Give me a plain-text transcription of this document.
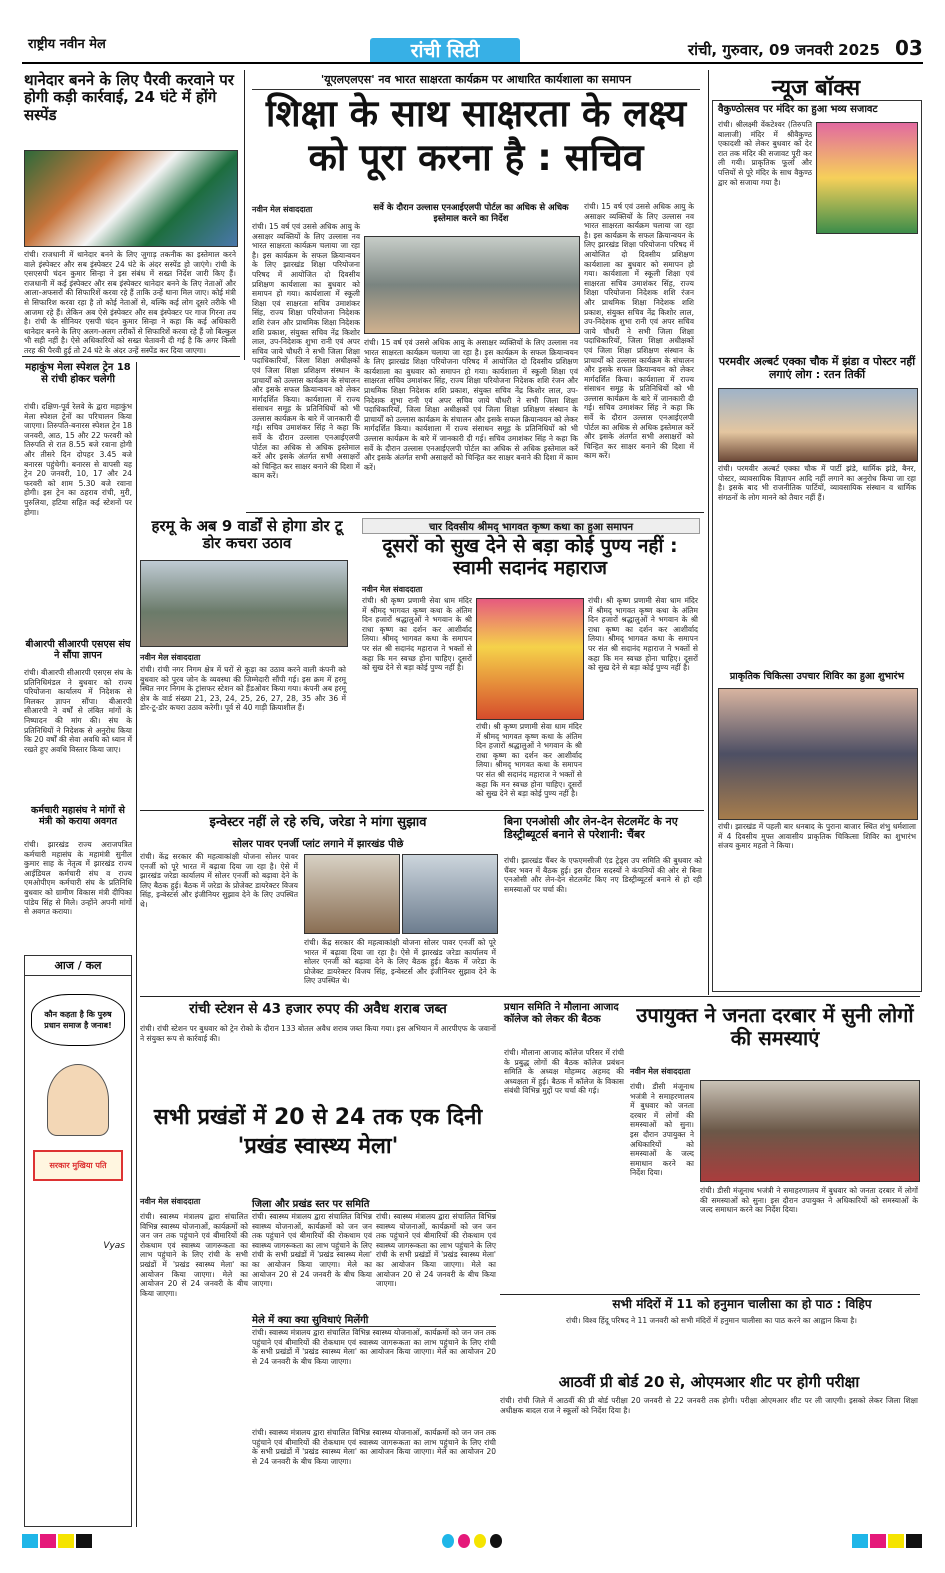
राष्ट्रीय नवीन मेल	रांची सिटी	रांची, गुरुवार, 09 जनवरी 2025 03
थानेदार बनने के लिए पैरवी करवाने पर होगी कड़ी कार्रवाई, 24 घंटे में होंगे सस्पेंड
रांची। राजधानी में थानेदार बनने के लिए जुगाड़ तकनीक का इस्तेमाल करने वाले इंस्पेक्टर और सब इंस्पेक्टर 24 घंटे के अंदर सस्पेंड हो जाएंगे। रांची के एसएसपी चंदन कुमार सिन्हा ने इस संबंध में सख्त निर्देश जारी किए हैं। राजधानी में कई इंस्पेक्टर और सब इंस्पेक्टर थानेदार बनने के लिए नेताओं और आला-अफसरों की सिफारिशें करवा रहे हैं ताकि उन्हें थाना मिल जाए। कोई मंत्री से सिफारिश करवा रहा है तो कोई नेताओं से, बल्कि कई लोग दूसरे तरीके भी आजमा रहे हैं। लेकिन अब ऐसे इंस्पेक्टर और सब इंस्पेक्टर पर गाज गिरना तय है। रांची के सीनियर एसपी चंदन कुमार सिन्हा ने कहा कि कई अधिकारी थानेदार बनने के लिए अलग-अलग तरीकों से सिफारिशें करवा रहे हैं जो बिल्कुल भी सही नहीं है। ऐसे अधिकारियों को सख्त चेतावनी दी गई है कि अगर किसी तरह की पैरवी हुई तो 24 घंटे के अंदर उन्हें सस्पेंड कर दिया जाएगा।
महाकुंभ मेला स्पेशल ट्रेन 18 से रांची होकर चलेगी
रांची। दक्षिण-पूर्व रेलवे के द्वारा महाकुंभ मेला स्पेशल ट्रेनों का परिचालन किया जाएगा। तिरुपति-बनारस स्पेशल ट्रेन 18 जनवरी, आठ, 15 और 22 फरवरी को तिरुपति से रात 8.55 बजे रवाना होगी और तीसरे दिन दोपहर 3.45 बजे बनारस पहुंचेगी। बनारस से वापसी यह ट्रेन 20 जनवरी, 10, 17 और 24 फरवरी को शाम 5.30 बजे रवाना होगी। इस ट्रेन का ठहराव रांची, मुरी, पुरुलिया, हटिया सहित कई स्टेशनों पर होगा।
बीआरपी सीआरपी एसएस संघ ने सौंपा ज्ञापन
रांची। बीआरपी सीआरपी एसएस संघ के प्रतिनिधिमंडल ने बुधवार को राज्य परियोजना कार्यालय में निदेशक से मिलकर ज्ञापन सौंपा। बीआरपी सीआरपी ने वर्षों से लंबित मांगों के निष्पादन की मांग की। संघ के प्रतिनिधियों ने निदेशक से अनुरोध किया कि 20 वर्षों की सेवा अवधि को ध्यान में रखते हुए अवधि विस्तार किया जाए।
कर्मचारी महासंघ ने मांगों से मंत्री को कराया अवगत
रांची। झारखंड राज्य अराजपत्रित कर्मचारी महासंघ के महामंत्री सुनील कुमार साह के नेतृत्व में झारखंड राज्य आईडियल कर्मचारी संघ व राज्य एमओपीएम कर्मचारी संघ के प्रतिनिधि बुधवार को ग्रामीण विकास मंत्री दीपिका पांडेय सिंह से मिले। उन्होंने अपनी मांगों से अवगत कराया।
आज / कल
कौन कहता है कि पुरुष प्रधान समाज है जनाब!
सरकार मुखिया पति
Vyas
'यूएलएलएस' नव भारत साक्षरता कार्यक्रम पर आधारित कार्यशाला का समापन
शिक्षा के साथ साक्षरता के लक्ष्य को पूरा करना है : सचिव
नवीन मेल संवाददाता
रांची। 15 वर्ष एवं उससे अधिक आयु के असाक्षर व्यक्तियों के लिए उल्लास नव भारत साक्षरता कार्यक्रम चलाया जा रहा है। इस कार्यक्रम के सफल क्रियान्वयन के लिए झारखंड शिक्षा परियोजना परिषद में आयोजित दो दिवसीय प्रशिक्षण कार्यशाला का बुधवार को समापन हो गया। कार्यशाला में स्कूली शिक्षा एवं साक्षरता सचिव उमाशंकर सिंह, राज्य शिक्षा परियोजना निदेशक शशि रंजन और प्राथमिक शिक्षा निदेशक शशि प्रकाश, संयुक्त सचिव नेंद्र किशोर लाल, उप-निदेशक शुभा रानी एवं अपर सचिव जाये चौधरी ने सभी जिला शिक्षा पदाधिकारियों, जिला शिक्षा अधीक्षकों एवं जिला शिक्षा प्रशिक्षण संस्थान के प्राचार्यों को उल्लास कार्यक्रम के संचालन और इसके सफल क्रियान्वयन को लेकर मार्गदर्शित किया। कार्यशाला में राज्य संसाधन समूह के प्रतिनिधियों को भी उल्लास कार्यक्रम के बारे में जानकारी दी गई। सचिव उमाशंकर सिंह ने कहा कि सर्वे के दौरान उल्लास एनआईएलपी पोर्टल का अधिक से अधिक इस्तेमाल करें और इसके अंतर्गत सभी असाक्षरों को चिन्हित कर साक्षर बनाने की दिशा में काम करें।
सर्वे के दौरान उल्लास एनआईएलपी पोर्टल का अधिक से अधिक इस्तेमाल करने का निर्देश
रांची। 15 वर्ष एवं उससे अधिक आयु के असाक्षर व्यक्तियों के लिए उल्लास नव भारत साक्षरता कार्यक्रम चलाया जा रहा है। इस कार्यक्रम के सफल क्रियान्वयन के लिए झारखंड शिक्षा परियोजना परिषद में आयोजित दो दिवसीय प्रशिक्षण कार्यशाला का बुधवार को समापन हो गया। कार्यशाला में स्कूली शिक्षा एवं साक्षरता सचिव उमाशंकर सिंह, राज्य शिक्षा परियोजना निदेशक शशि रंजन और प्राथमिक शिक्षा निदेशक शशि प्रकाश, संयुक्त सचिव नेंद्र किशोर लाल, उप-निदेशक शुभा रानी एवं अपर सचिव जाये चौधरी ने सभी जिला शिक्षा पदाधिकारियों, जिला शिक्षा अधीक्षकों एवं जिला शिक्षा प्रशिक्षण संस्थान के प्राचार्यों को उल्लास कार्यक्रम के संचालन और इसके सफल क्रियान्वयन को लेकर मार्गदर्शित किया। कार्यशाला में राज्य संसाधन समूह के प्रतिनिधियों को भी उल्लास कार्यक्रम के बारे में जानकारी दी गई। सचिव उमाशंकर सिंह ने कहा कि सर्वे के दौरान उल्लास एनआईएलपी पोर्टल का अधिक से अधिक इस्तेमाल करें और इसके अंतर्गत सभी असाक्षरों को चिन्हित कर साक्षर बनाने की दिशा में काम करें।
रांची। 15 वर्ष एवं उससे अधिक आयु के असाक्षर व्यक्तियों के लिए उल्लास नव भारत साक्षरता कार्यक्रम चलाया जा रहा है। इस कार्यक्रम के सफल क्रियान्वयन के लिए झारखंड शिक्षा परियोजना परिषद में आयोजित दो दिवसीय प्रशिक्षण कार्यशाला का बुधवार को समापन हो गया। कार्यशाला में स्कूली शिक्षा एवं साक्षरता सचिव उमाशंकर सिंह, राज्य शिक्षा परियोजना निदेशक शशि रंजन और प्राथमिक शिक्षा निदेशक शशि प्रकाश, संयुक्त सचिव नेंद्र किशोर लाल, उप-निदेशक शुभा रानी एवं अपर सचिव जाये चौधरी ने सभी जिला शिक्षा पदाधिकारियों, जिला शिक्षा अधीक्षकों एवं जिला शिक्षा प्रशिक्षण संस्थान के प्राचार्यों को उल्लास कार्यक्रम के संचालन और इसके सफल क्रियान्वयन को लेकर मार्गदर्शित किया। कार्यशाला में राज्य संसाधन समूह के प्रतिनिधियों को भी उल्लास कार्यक्रम के बारे में जानकारी दी गई। सचिव उमाशंकर सिंह ने कहा कि सर्वे के दौरान उल्लास एनआईएलपी पोर्टल का अधिक से अधिक इस्तेमाल करें और इसके अंतर्गत सभी असाक्षरों को चिन्हित कर साक्षर बनाने की दिशा में काम करें।
हरमू के अब 9 वार्डों से होगा डोर टू डोर कचरा उठाव
नवीन मेल संवाददाता
रांची। रांची नगर निगम क्षेत्र में घरों से कूड़ा का उठाव करने वाली कंपनी को बुधवार को पूरब जोन के व्यवस्था की जिम्मेदारी सौंपी गई। इस क्रम में हरमू स्थित नगर निगम के ट्रांसफर स्टेशन को हैंडओवर किया गया। कंपनी अब हरमू क्षेत्र के वार्ड संख्या 21, 23, 24, 25, 26, 27, 28, 35 और 36 में डोर-टू-डोर कचरा उठाव करेगी। पूर्व से 40 गाड़ी क्रियाशील हैं।
चार दिवसीय श्रीमद् भागवत कृष्ण कथा का हुआ समापन
दूसरों को सुख देने से बड़ा कोई पुण्य नहीं : स्वामी सदानंद महाराज
नवीन मेल संवाददाता
रांची। श्री कृष्ण प्रणामी सेवा धाम मंदिर में श्रीमद् भागवत कृष्ण कथा के अंतिम दिन हजारों श्रद्धालुओं ने भगवान के श्री राधा कृष्ण का दर्शन कर आशीर्वाद लिया। श्रीमद् भागवत कथा के समापन पर संत श्री सदानंद महाराज ने भक्तों से कहा कि मन स्वच्छ होना चाहिए। दूसरों को सुख देने से बड़ा कोई पुण्य नहीं है।
रांची। श्री कृष्ण प्रणामी सेवा धाम मंदिर में श्रीमद् भागवत कृष्ण कथा के अंतिम दिन हजारों श्रद्धालुओं ने भगवान के श्री राधा कृष्ण का दर्शन कर आशीर्वाद लिया। श्रीमद् भागवत कथा के समापन पर संत श्री सदानंद महाराज ने भक्तों से कहा कि मन स्वच्छ होना चाहिए। दूसरों को सुख देने से बड़ा कोई पुण्य नहीं है।
रांची। श्री कृष्ण प्रणामी सेवा धाम मंदिर में श्रीमद् भागवत कृष्ण कथा के अंतिम दिन हजारों श्रद्धालुओं ने भगवान के श्री राधा कृष्ण का दर्शन कर आशीर्वाद लिया। श्रीमद् भागवत कथा के समापन पर संत श्री सदानंद महाराज ने भक्तों से कहा कि मन स्वच्छ होना चाहिए। दूसरों को सुख देने से बड़ा कोई पुण्य नहीं है।
इन्वेस्टर नहीं ले रहे रुचि, जरेडा ने मांगा सुझाव
सोलर पावर एनर्जी प्लांट लगाने में झारखंड पीछे
रांची। केंद्र सरकार की महत्वाकांक्षी योजना सोलर पावर एनर्जी को पूरे भारत में बढ़ावा दिया जा रहा है। ऐसे में झारखंड जरेडा कार्यालय में सोलर एनर्जी को बढ़ावा देने के लिए बैठक हुई। बैठक में जरेडा के प्रोजेक्ट डायरेक्टर विजय सिंह, इन्वेस्टर्स और इंजीनियर सुझाव देने के लिए उपस्थित थे।
रांची। केंद्र सरकार की महत्वाकांक्षी योजना सोलर पावर एनर्जी को पूरे भारत में बढ़ावा दिया जा रहा है। ऐसे में झारखंड जरेडा कार्यालय में सोलर एनर्जी को बढ़ावा देने के लिए बैठक हुई। बैठक में जरेडा के प्रोजेक्ट डायरेक्टर विजय सिंह, इन्वेस्टर्स और इंजीनियर सुझाव देने के लिए उपस्थित थे।
बिना एनओसी और लेन-देन सेटलमेंट के नए डिस्ट्रीब्यूटर्स बनाने से परेशानी: चैंबर
रांची। झारखंड चैंबर के एफएमसीजी एंड ट्रेड्स उप समिति की बुधवार को चैंबर भवन में बैठक हुई। इस दौरान सदस्यों ने कंपनियों की ओर से बिना एनओसी और लेन-देन सेटलमेंट किए नए डिस्ट्रीब्यूटर्स बनाने से हो रही समस्याओं पर चर्चा की।
रांची स्टेशन से 43 हजार रुपए की अवैध शराब जब्त
रांची। रांची स्टेशन पर बुधवार को ट्रेन रोको के दौरान 133 बोतल अवैध शराब जब्त किया गया। इस अभियान में आरपीएफ के जवानों ने संयुक्त रूप से कार्रवाई की।
प्रधान समिति ने मौलाना आजाद कॉलेज को लेकर की बैठक
रांची। मौलाना आजाद कॉलेज परिसर में रांची के प्रबुद्ध लोगों की बैठक कॉलेज प्रबंधन समिति के अध्यक्ष मोहम्मद अहमद की अध्यक्षता में हुई। बैठक में कॉलेज के विकास संबंधी विभिन्न मुद्दों पर चर्चा की गई।
सभी प्रखंडों में 20 से 24 तक एक दिनी 'प्रखंड स्वास्थ्य मेला'
नवीन मेल संवाददाता
रांची। स्वास्थ्य मंत्रालय द्वारा संचालित विभिन्न स्वास्थ्य योजनाओं, कार्यक्रमों को जन जन तक पहुंचाने एवं बीमारियों की रोकथाम एवं स्वास्थ्य जागरूकता का लाभ पहुंचाने के लिए रांची के सभी प्रखंडों में 'प्रखंड स्वास्थ्य मेला' का आयोजन किया जाएगा। मेले का आयोजन 20 से 24 जनवरी के बीच किया जाएगा।
जिला और प्रखंड स्तर पर समिति
रांची। स्वास्थ्य मंत्रालय द्वारा संचालित विभिन्न स्वास्थ्य योजनाओं, कार्यक्रमों को जन जन तक पहुंचाने एवं बीमारियों की रोकथाम एवं स्वास्थ्य जागरूकता का लाभ पहुंचाने के लिए रांची के सभी प्रखंडों में 'प्रखंड स्वास्थ्य मेला' का आयोजन किया जाएगा। मेले का आयोजन 20 से 24 जनवरी के बीच किया जाएगा।
रांची। स्वास्थ्य मंत्रालय द्वारा संचालित विभिन्न स्वास्थ्य योजनाओं, कार्यक्रमों को जन जन तक पहुंचाने एवं बीमारियों की रोकथाम एवं स्वास्थ्य जागरूकता का लाभ पहुंचाने के लिए रांची के सभी प्रखंडों में 'प्रखंड स्वास्थ्य मेला' का आयोजन किया जाएगा। मेले का आयोजन 20 से 24 जनवरी के बीच किया जाएगा।
मेले में क्या क्या सुविधाएं मिलेंगी
रांची। स्वास्थ्य मंत्रालय द्वारा संचालित विभिन्न स्वास्थ्य योजनाओं, कार्यक्रमों को जन जन तक पहुंचाने एवं बीमारियों की रोकथाम एवं स्वास्थ्य जागरूकता का लाभ पहुंचाने के लिए रांची के सभी प्रखंडों में 'प्रखंड स्वास्थ्य मेला' का आयोजन किया जाएगा। मेले का आयोजन 20 से 24 जनवरी के बीच किया जाएगा।
रांची। स्वास्थ्य मंत्रालय द्वारा संचालित विभिन्न स्वास्थ्य योजनाओं, कार्यक्रमों को जन जन तक पहुंचाने एवं बीमारियों की रोकथाम एवं स्वास्थ्य जागरूकता का लाभ पहुंचाने के लिए रांची के सभी प्रखंडों में 'प्रखंड स्वास्थ्य मेला' का आयोजन किया जाएगा। मेले का आयोजन 20 से 24 जनवरी के बीच किया जाएगा।
न्यूज बॉक्स
वैकुण्ठोत्सव पर मंदिर का हुआ भव्य सजावट
रांची। श्रीलक्ष्मी वेंकटेश्वर (तिरुपति बालाजी) मंदिर में श्रीवैकुण्ठ एकादशी को लेकर बुधवार को देर रात तक मंदिर की सजावट पूरी कर ली गयी। प्राकृतिक फूलों और पत्तियों से पूरे मंदिर के साथ वैकुण्ठ द्वार को सजाया गया है।
परमवीर अल्बर्ट एक्का चौक में झंडा व पोस्टर नहीं लगाएं लोग : रतन तिर्की
रांची। परमवीर अल्बर्ट एक्का चौक में पार्टी झंडे, धार्मिक झंडे, बैनर, पोस्टर, व्यावसायिक विज्ञापन आदि नहीं लगाने का अनुरोध किया जा रहा है। इसके बाद भी राजनीतिक पार्टियों, व्यावसायिक संस्थान व धार्मिक संगठनों के लोग मानने को तैयार नहीं हैं।
प्राकृतिक चिकित्सा उपचार शिविर का हुआ शुभारंभ
रांची। झारखंड में पहली बार धनबाद के पुराना बाजार स्थित शंभु धर्मशाला में 4 दिवसीय मुफ्त आवासीय प्राकृतिक चिकित्सा शिविर का शुभारंभ संजय कुमार महतो ने किया।
उपायुक्त ने जनता दरबार में सुनी लोगों की समस्याएं
नवीन मेल संवाददाता
रांची। डीसी मंजूनाथ भजंत्री ने समाहरणालय में बुधवार को जनता दरबार में लोगों की समस्याओं को सुना। इस दौरान उपायुक्त ने अधिकारियों को समस्याओं के जल्द समाधान करने का निर्देश दिया।
रांची। डीसी मंजूनाथ भजंत्री ने समाहरणालय में बुधवार को जनता दरबार में लोगों की समस्याओं को सुना। इस दौरान उपायुक्त ने अधिकारियों को समस्याओं के जल्द समाधान करने का निर्देश दिया।
सभी मंदिरों में 11 को हनुमान चालीसा का हो पाठ : विहिप
रांची। विश्व हिंदू परिषद ने 11 जनवरी को सभी मंदिरों में हनुमान चालीसा का पाठ करने का आह्वान किया है।
आठवीं प्री बोर्ड 20 से, ओएमआर शीट पर होगी परीक्षा
रांची। रांची जिले में आठवीं की प्री बोर्ड परीक्षा 20 जनवरी से 22 जनवरी तक होगी। परीक्षा ओएमआर शीट पर ली जाएगी। इसको लेकर जिला शिक्षा अधीक्षक बादल राज ने स्कूलों को निर्देश दिया है।
